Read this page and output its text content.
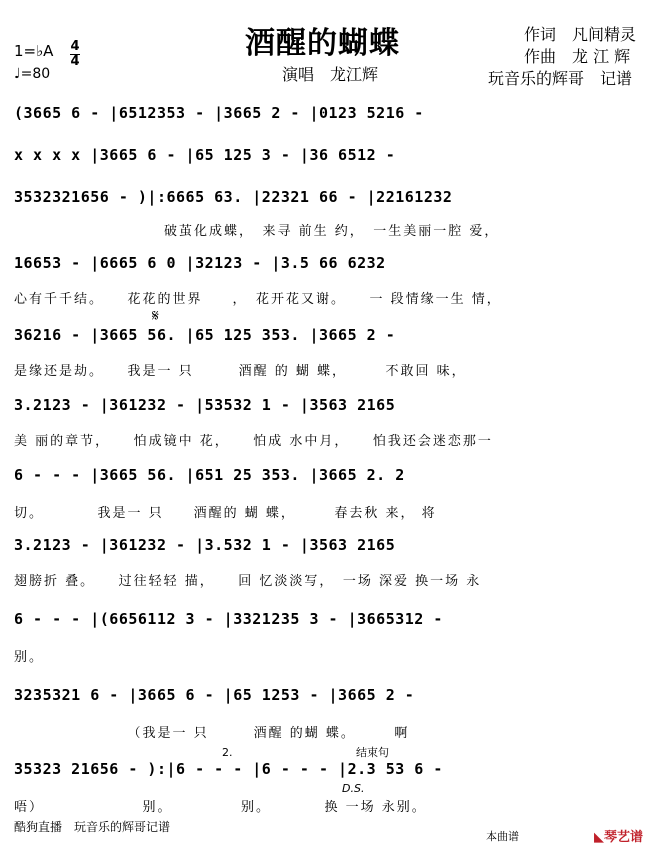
酒醒的蝴蝶
演唱　龙江辉
作词　凡间精灵
作曲　龙 江 辉
玩音乐的辉哥　记谱
1=♭A 4
4
♩=80
(3665 6 - |6512353 - |3665 2 - |0123 5216 -
x x x x |3665 6 - |65 125 3 - |36 6512 -
3532321656 - )|:6665 63. |22321 66 - |22161232
　　　　　　　　　　破茧化成蝶，　来寻 前生 约，　一生美丽一腔 爱，
16653 - |6665 6 0 |32123 - |3.5 66 6232
心有千千结。　　花花的世界　　，　花开花又谢。　　一 段情缘一生 情，
𝄋
36216 - |3665 56. |65 125 353. |3665 2 -
是缘还是劫。　　我是一 只　　　酒醒 的 蝴 蝶，　　　不敢回 味，
3.2123 - |361232 - |53532 1 - |3563 2165
美 丽的章节，　　怕成镜中 花，　　怕成 水中月，　　怕我还会迷恋那一
6 - - - |3665 56. |651 25 353. |3665 2. 2
切。　　　　我是一 只　　酒醒的 蝴 蝶，　　　春去秋 来， 将
3.2123 - |361232 - |3.532 1 - |3563 2165
翅膀折 叠。　　过往轻轻 描，　　回 忆淡淡写，　一场 深爱 换一场 永
6 - - - |(6656112 3 - |3321235 3 - |3665312 -
别。
3235321 6 - |3665 6 - |65 1253 - |3665 2 -
　　　　　　　　（我是一 只　　　酒醒 的蝴 蝶。　　　啊
2.	结束句
35323 21656 - ):|6 - - - |6 - - - |2.3 53 6 -
D.S.
唔）　　　　　　　别。　　　　　别。　　　　换 一场 永别。
酷狗直播　玩音乐的辉哥记谱
本曲谱	◣琴艺谱
